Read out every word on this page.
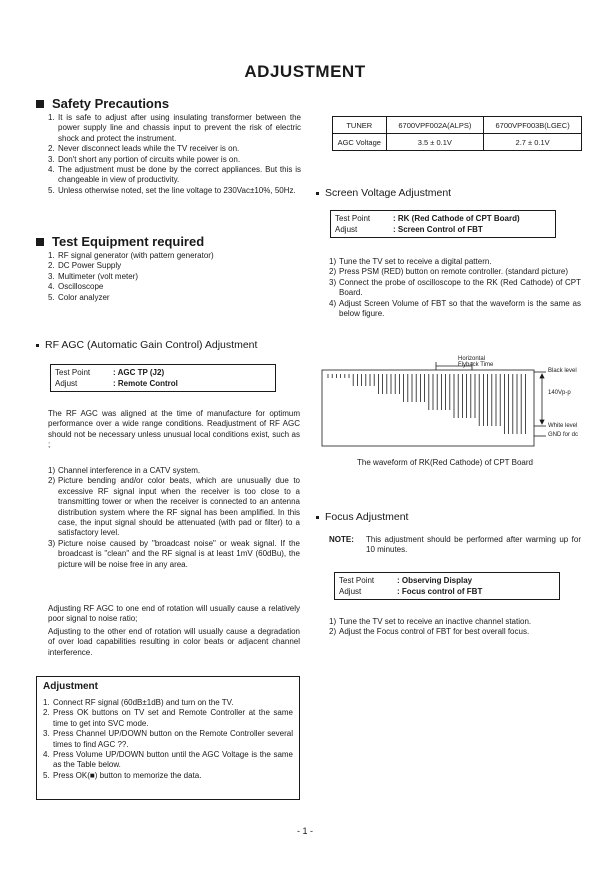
ADJUSTMENT
Safety Precautions
1. It is safe to adjust after using insulating transformer between the power supply line and chassis input to prevent the risk of electric shock and protect the instrument.
2. Never disconnect leads while the TV receiver is on.
3. Don't short any portion of circuits while power is on.
4. The adjustment must be done by the correct appliances. But this is changeable in view of productivity.
5. Unless otherwise noted, set the line voltage to 230Vac±10%, 50Hz.
Test Equipment required
1. RF signal generator (with pattern generator)
2. DC Power Supply
3. Multimeter (volt meter)
4. Oscilloscope
5. Color analyzer
RF AGC (Automatic Gain Control) Adjustment
Test Point	: AGC TP (J2)
Adjust	: Remote Control
The RF AGC was aligned at the time of manufacture for optimum performance over a wide range conditions. Readjustment of RF AGC should not be necessary unless unusual local conditions exist, such as ;
1) Channel interference in a CATV system.
2) Picture bending and/or color beats, which are unusually due to excessive RF signal input when the receiver is too close to a transmitting tower or when the receiver is connected to an antenna distribution system where the RF signal has been amplified. In this case, the input signal should be attenuated (with pad or filter) to a satisfactory level.
3) Picture noise caused by "broadcast noise" or weak signal. If the broadcast is "clean" and the RF signal is at least 1mV (60dBu), the picture will be noise free in any area.
Adjusting RF AGC to one end of rotation will usually cause a relatively poor signal to noise ratio;
Adjusting to the other end of rotation will usually cause a degradation of over load capabilities resulting in color beats or adjacent channel interference.
Adjustment
1. Connect RF signal (60dB±1dB) and turn on the TV.
2. Press OK buttons on TV set and Remote Controller at the same time to get into SVC mode.
3. Press Channel UP/DOWN button on the Remote Controller several times to find AGC ??.
4. Press Volume UP/DOWN button until the AGC Voltage is the same as the Table below.
5. Press OK(■) button to memorize the data.
TUNER	6700VPF002A(ALPS)	6700VPF003B(LGEC)
AGC Voltage	3.5 ± 0.1V	2.7 ± 0.1V
Screen Voltage Adjustment
Test Point	: RK (Red Cathode of CPT Board)
Adjust	: Screen Control of FBT
1) Tune the TV set to receive a digital pattern.
2) Press PSM (RED) button on remote controller. (standard picture)
3) Connect the probe of oscilloscope to the RK (Red Cathode) of CPT Board.
4) Adjust Screen Volume of FBT so that the waveform is the same as below figure.
Horizontal
Flyback Time
Black level
140Vp-p
White level
GND for dc
The waveform of RK(Red Cathode) of CPT Board
Focus Adjustment
NOTE:	This adjustment should be performed after warming up for 10 minutes.
Test Point	: Observing Display
Adjust	: Focus control of FBT
1) Tune the TV set to receive an inactive channel station.
2) Adjust the Focus control of FBT for best overall focus.
- 1 -
